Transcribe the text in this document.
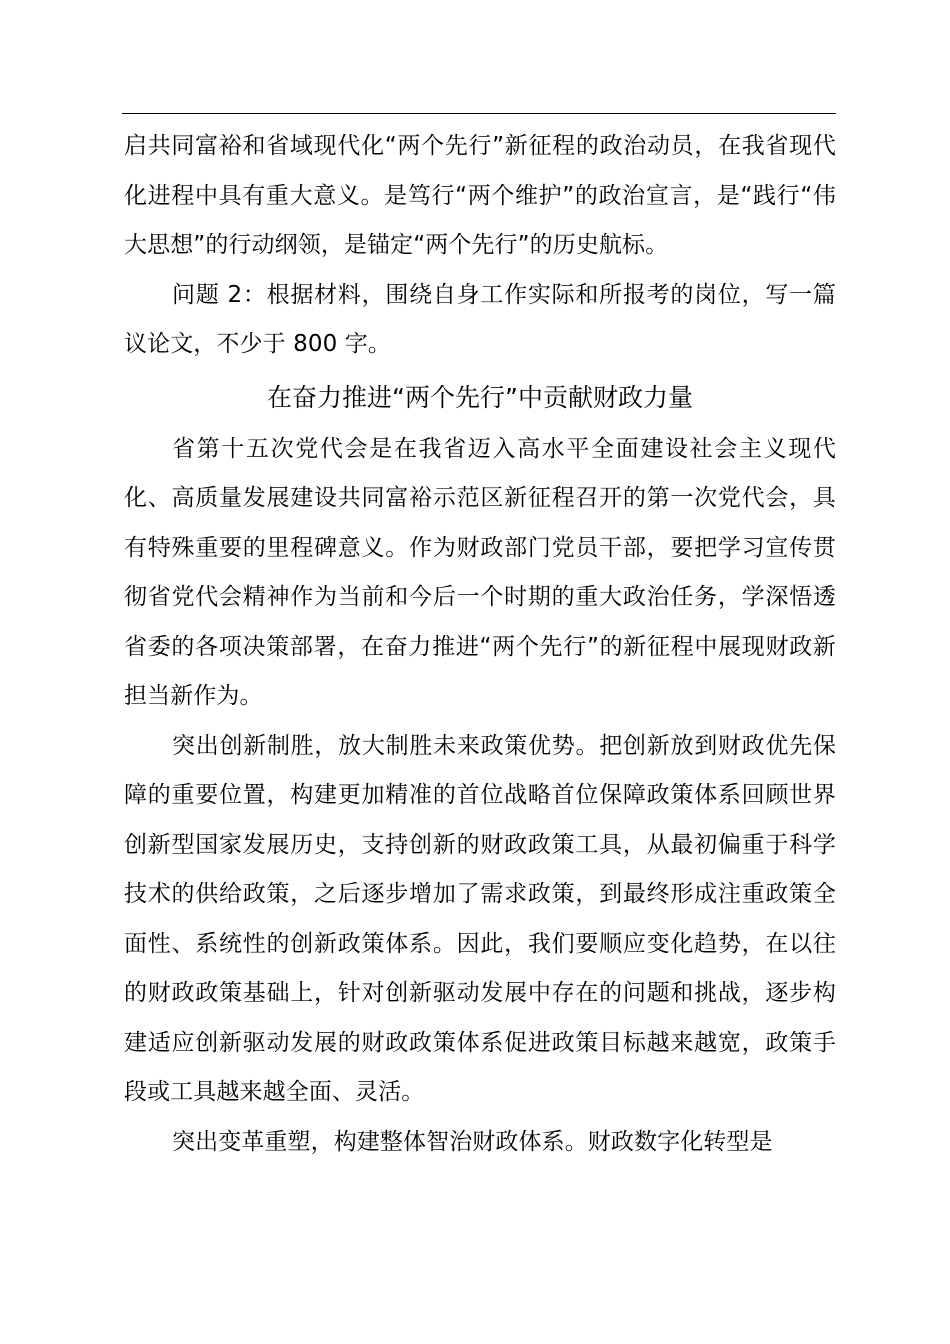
启共同富裕和省域现代化“两个先行”新征程的政治动员，在我省现代化进程中具有重大意义。是笃行“两个维护”的政治宣言，是“践行“伟大思想”的行动纲领，是锚定“两个先行”的历史航标。

问题 2：根据材料，围绕自身工作实际和所报考的岗位，写一篇议论文，不少于 800 字。

在奋力推进“两个先行”中贡献财政力量

省第十五次党代会是在我省迈入高水平全面建设社会主义现代化、高质量发展建设共同富裕示范区新征程召开的第一次党代会，具有特殊重要的里程碑意义。作为财政部门党员干部，要把学习宣传贯彻省党代会精神作为当前和今后一个时期的重大政治任务，学深悟透省委的各项决策部署，在奋力推进“两个先行”的新征程中展现财政新担当新作为。

突出创新制胜，放大制胜未来政策优势。把创新放到财政优先保障的重要位置，构建更加精准的首位战略首位保障政策体系回顾世界创新型国家发展历史，支持创新的财政政策工具，从最初偏重于科学技术的供给政策，之后逐步增加了需求政策，到最终形成注重政策全面性、系统性的创新政策体系。因此，我们要顺应变化趋势，在以往的财政政策基础上，针对创新驱动发展中存在的问题和挑战，逐步构建适应创新驱动发展的财政政策体系促进政策目标越来越宽，政策手段或工具越来越全面、灵活。

突出变革重塑，构建整体智治财政体系。财政数字化转型是
